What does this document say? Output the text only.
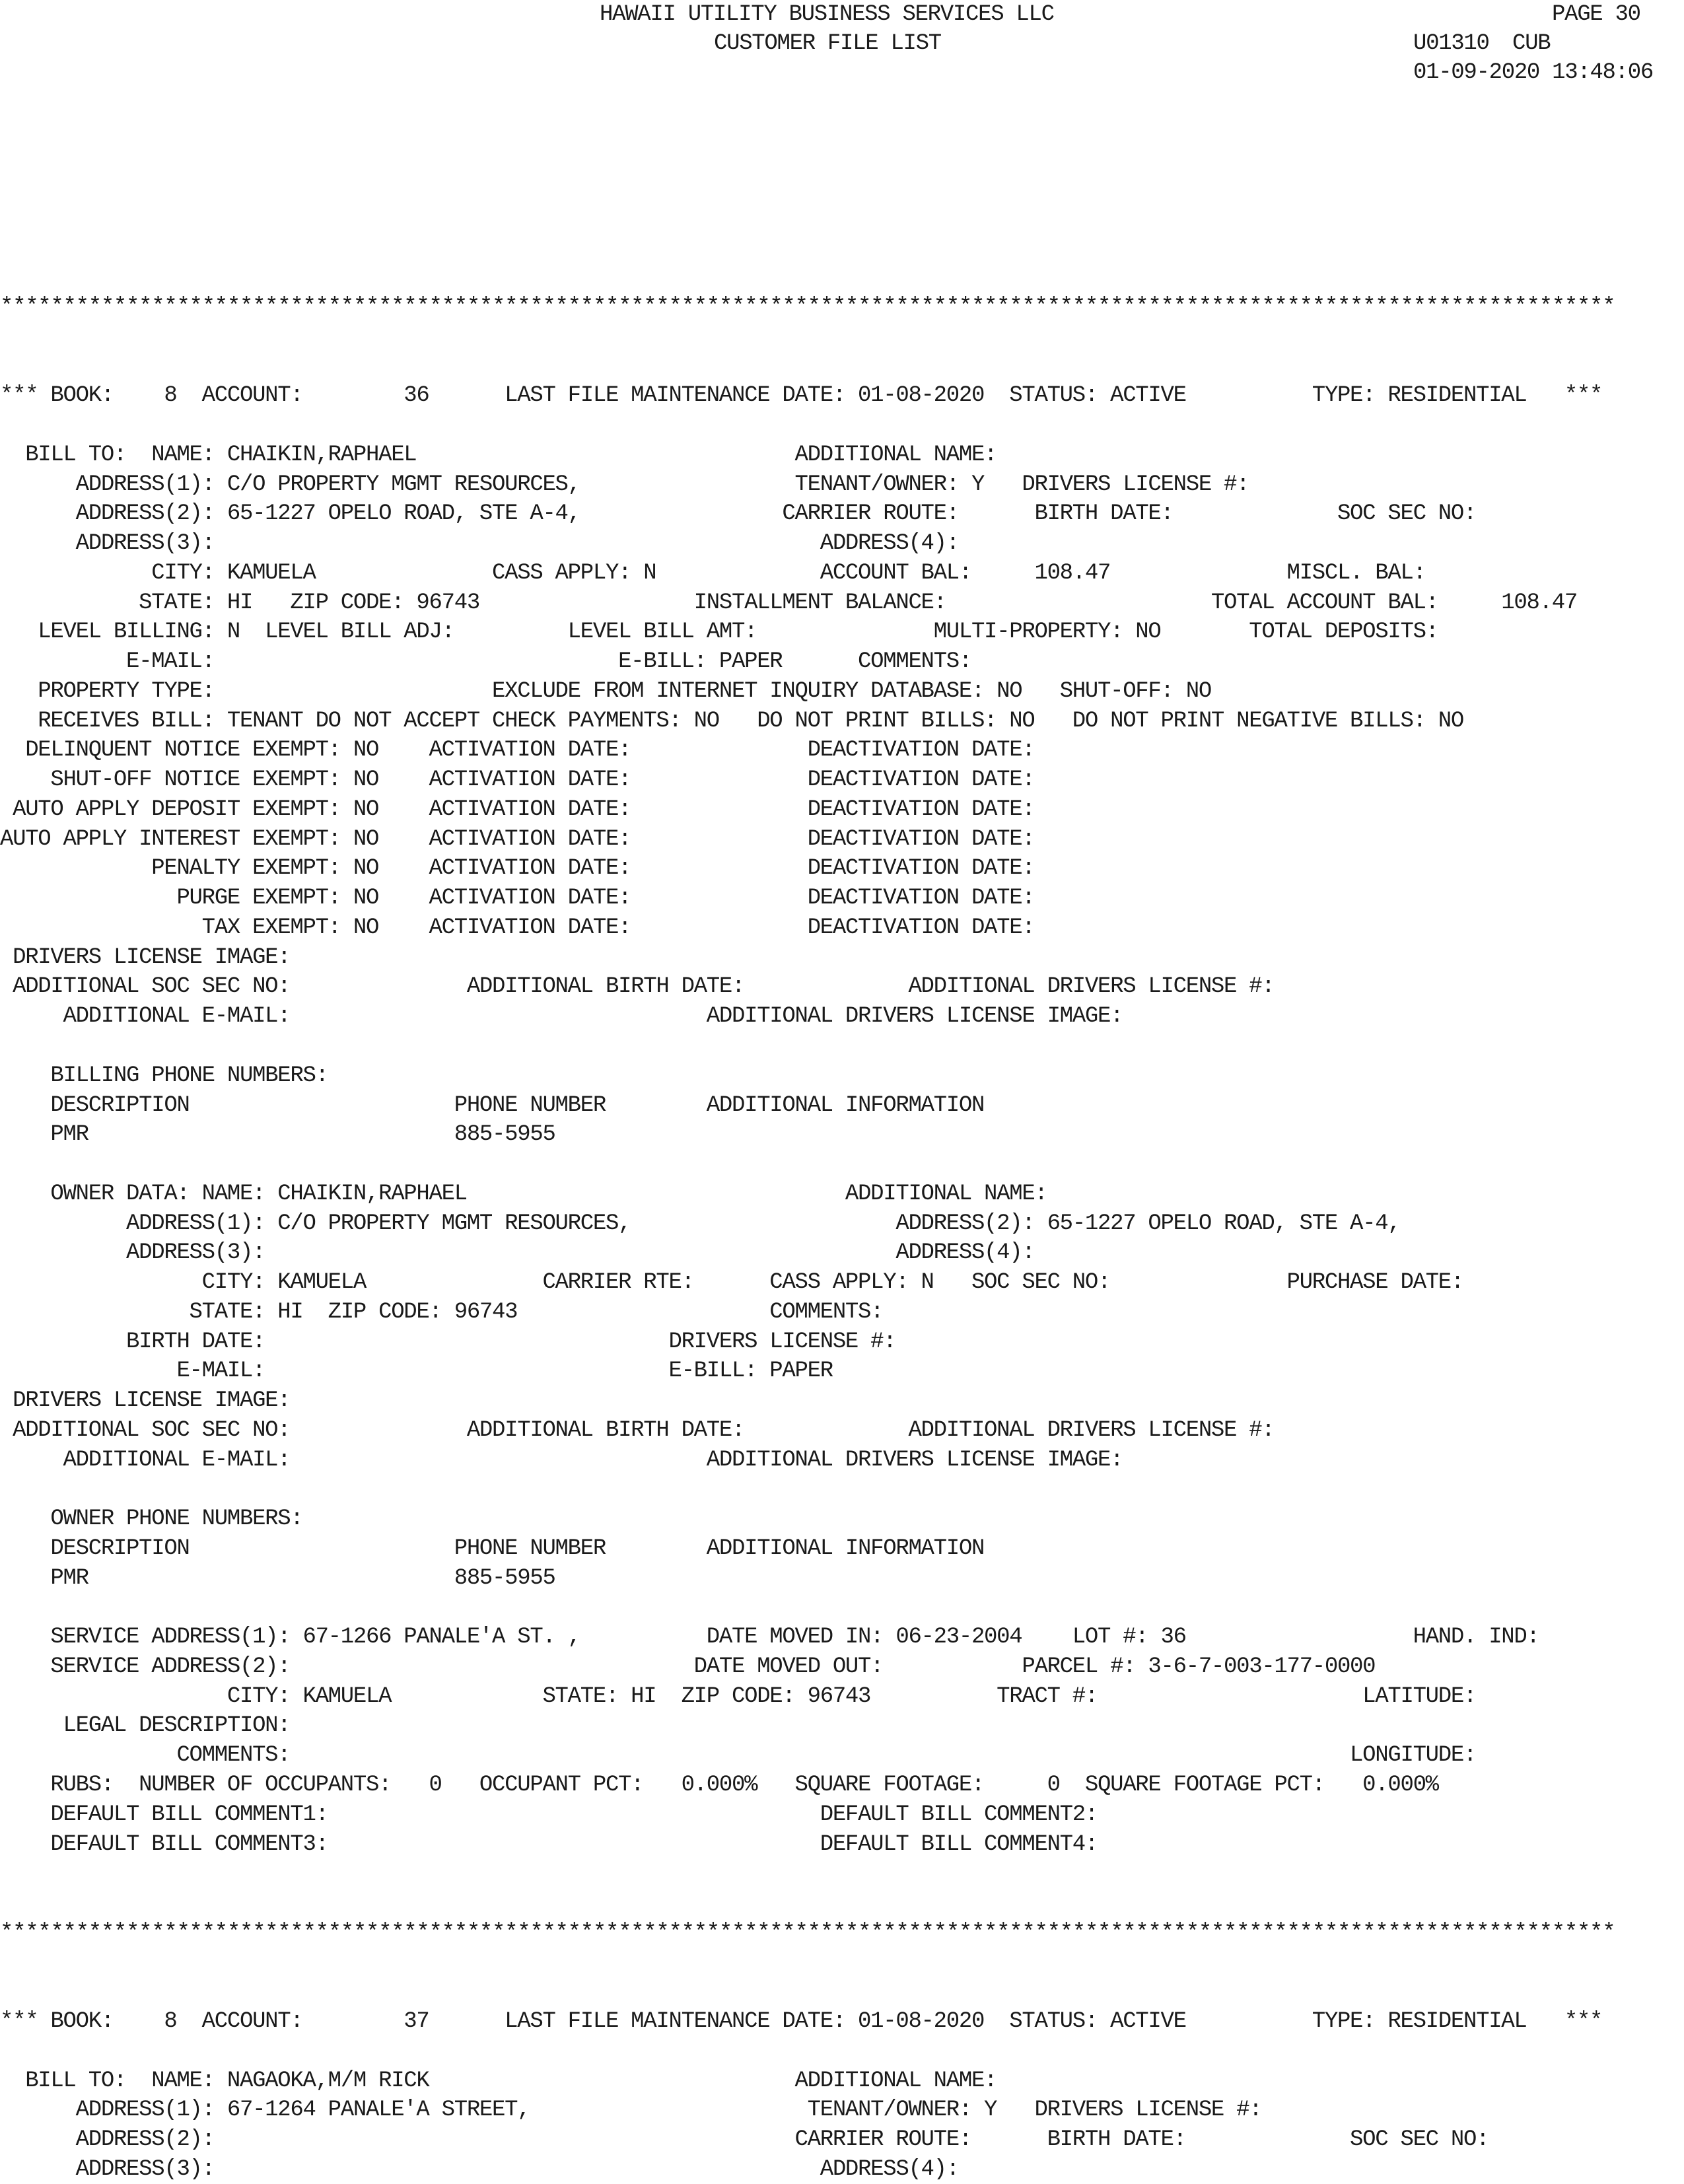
HAWAII UTILITY BUSINESS SERVICES LLC	PAGE 30
CUSTOMER FILE LIST	U01310 CUB
01-09-2020 13:48:06
********************************************************************************************************************************
*** BOOK:    8  ACCOUNT:        36      LAST FILE MAINTENANCE DATE: 01-08-2020  STATUS: ACTIVE          TYPE: RESIDENTIAL   ***
BILL TO:  NAME: CHAIKIN,RAPHAEL                              ADDITIONAL NAME:
ADDRESS(1): C/O PROPERTY MGMT RESOURCES,                 TENANT/OWNER: Y   DRIVERS LICENSE #:
ADDRESS(2): 65-1227 OPELO ROAD, STE A-4,                CARRIER ROUTE:      BIRTH DATE:             SOC SEC NO:
ADDRESS(3):                                                ADDRESS(4):
CITY: KAMUELA              CASS APPLY: N             ACCOUNT BAL:     108.47              MISCL. BAL:
STATE: HI   ZIP CODE: 96743                 INSTALLMENT BALANCE:                     TOTAL ACCOUNT BAL:     108.47
LEVEL BILLING: N  LEVEL BILL ADJ:         LEVEL BILL AMT:              MULTI-PROPERTY: NO       TOTAL DEPOSITS:
E-MAIL:                                E-BILL: PAPER      COMMENTS:
PROPERTY TYPE:                      EXCLUDE FROM INTERNET INQUIRY DATABASE: NO   SHUT-OFF: NO
RECEIVES BILL: TENANT DO NOT ACCEPT CHECK PAYMENTS: NO   DO NOT PRINT BILLS: NO   DO NOT PRINT NEGATIVE BILLS: NO
DELINQUENT NOTICE EXEMPT: NO    ACTIVATION DATE:              DEACTIVATION DATE:
SHUT-OFF NOTICE EXEMPT: NO    ACTIVATION DATE:              DEACTIVATION DATE:
AUTO APPLY DEPOSIT EXEMPT: NO    ACTIVATION DATE:              DEACTIVATION DATE:
AUTO APPLY INTEREST EXEMPT: NO    ACTIVATION DATE:              DEACTIVATION DATE:
PENALTY EXEMPT: NO    ACTIVATION DATE:              DEACTIVATION DATE:
PURGE EXEMPT: NO    ACTIVATION DATE:              DEACTIVATION DATE:
TAX EXEMPT: NO    ACTIVATION DATE:              DEACTIVATION DATE:
DRIVERS LICENSE IMAGE:
ADDITIONAL SOC SEC NO:              ADDITIONAL BIRTH DATE:             ADDITIONAL DRIVERS LICENSE #:
ADDITIONAL E-MAIL:                                 ADDITIONAL DRIVERS LICENSE IMAGE:
BILLING PHONE NUMBERS:
DESCRIPTION                     PHONE NUMBER        ADDITIONAL INFORMATION
PMR                             885-5955
OWNER DATA: NAME: CHAIKIN,RAPHAEL                              ADDITIONAL NAME:
ADDRESS(1): C/O PROPERTY MGMT RESOURCES,                     ADDRESS(2): 65-1227 OPELO ROAD, STE A-4,
ADDRESS(3):                                                  ADDRESS(4):
CITY: KAMUELA              CARRIER RTE:      CASS APPLY: N   SOC SEC NO:              PURCHASE DATE:
STATE: HI  ZIP CODE: 96743                    COMMENTS:
BIRTH DATE:                                DRIVERS LICENSE #:
E-MAIL:                                E-BILL: PAPER
DRIVERS LICENSE IMAGE:
ADDITIONAL SOC SEC NO:              ADDITIONAL BIRTH DATE:             ADDITIONAL DRIVERS LICENSE #:
ADDITIONAL E-MAIL:                                 ADDITIONAL DRIVERS LICENSE IMAGE:
OWNER PHONE NUMBERS:
DESCRIPTION                     PHONE NUMBER        ADDITIONAL INFORMATION
PMR                             885-5955
SERVICE ADDRESS(1): 67-1266 PANALE'A ST. ,          DATE MOVED IN: 06-23-2004    LOT #: 36                  HAND. IND:
SERVICE ADDRESS(2):                                DATE MOVED OUT:           PARCEL #: 3-6-7-003-177-0000
CITY: KAMUELA            STATE: HI  ZIP CODE: 96743          TRACT #:                     LATITUDE:
LEGAL DESCRIPTION:
COMMENTS:                                                                                    LONGITUDE:
RUBS:  NUMBER OF OCCUPANTS:   0   OCCUPANT PCT:   0.000%   SQUARE FOOTAGE:     0  SQUARE FOOTAGE PCT:   0.000%
DEFAULT BILL COMMENT1:                                       DEFAULT BILL COMMENT2:
DEFAULT BILL COMMENT3:                                       DEFAULT BILL COMMENT4:
********************************************************************************************************************************
*** BOOK:    8  ACCOUNT:        37      LAST FILE MAINTENANCE DATE: 01-08-2020  STATUS: ACTIVE          TYPE: RESIDENTIAL   ***
BILL TO:  NAME: NAGAOKA,M/M RICK                             ADDITIONAL NAME:
ADDRESS(1): 67-1264 PANALE'A STREET,                      TENANT/OWNER: Y   DRIVERS LICENSE #:
ADDRESS(2):                                              CARRIER ROUTE:      BIRTH DATE:             SOC SEC NO:
ADDRESS(3):                                                ADDRESS(4):
